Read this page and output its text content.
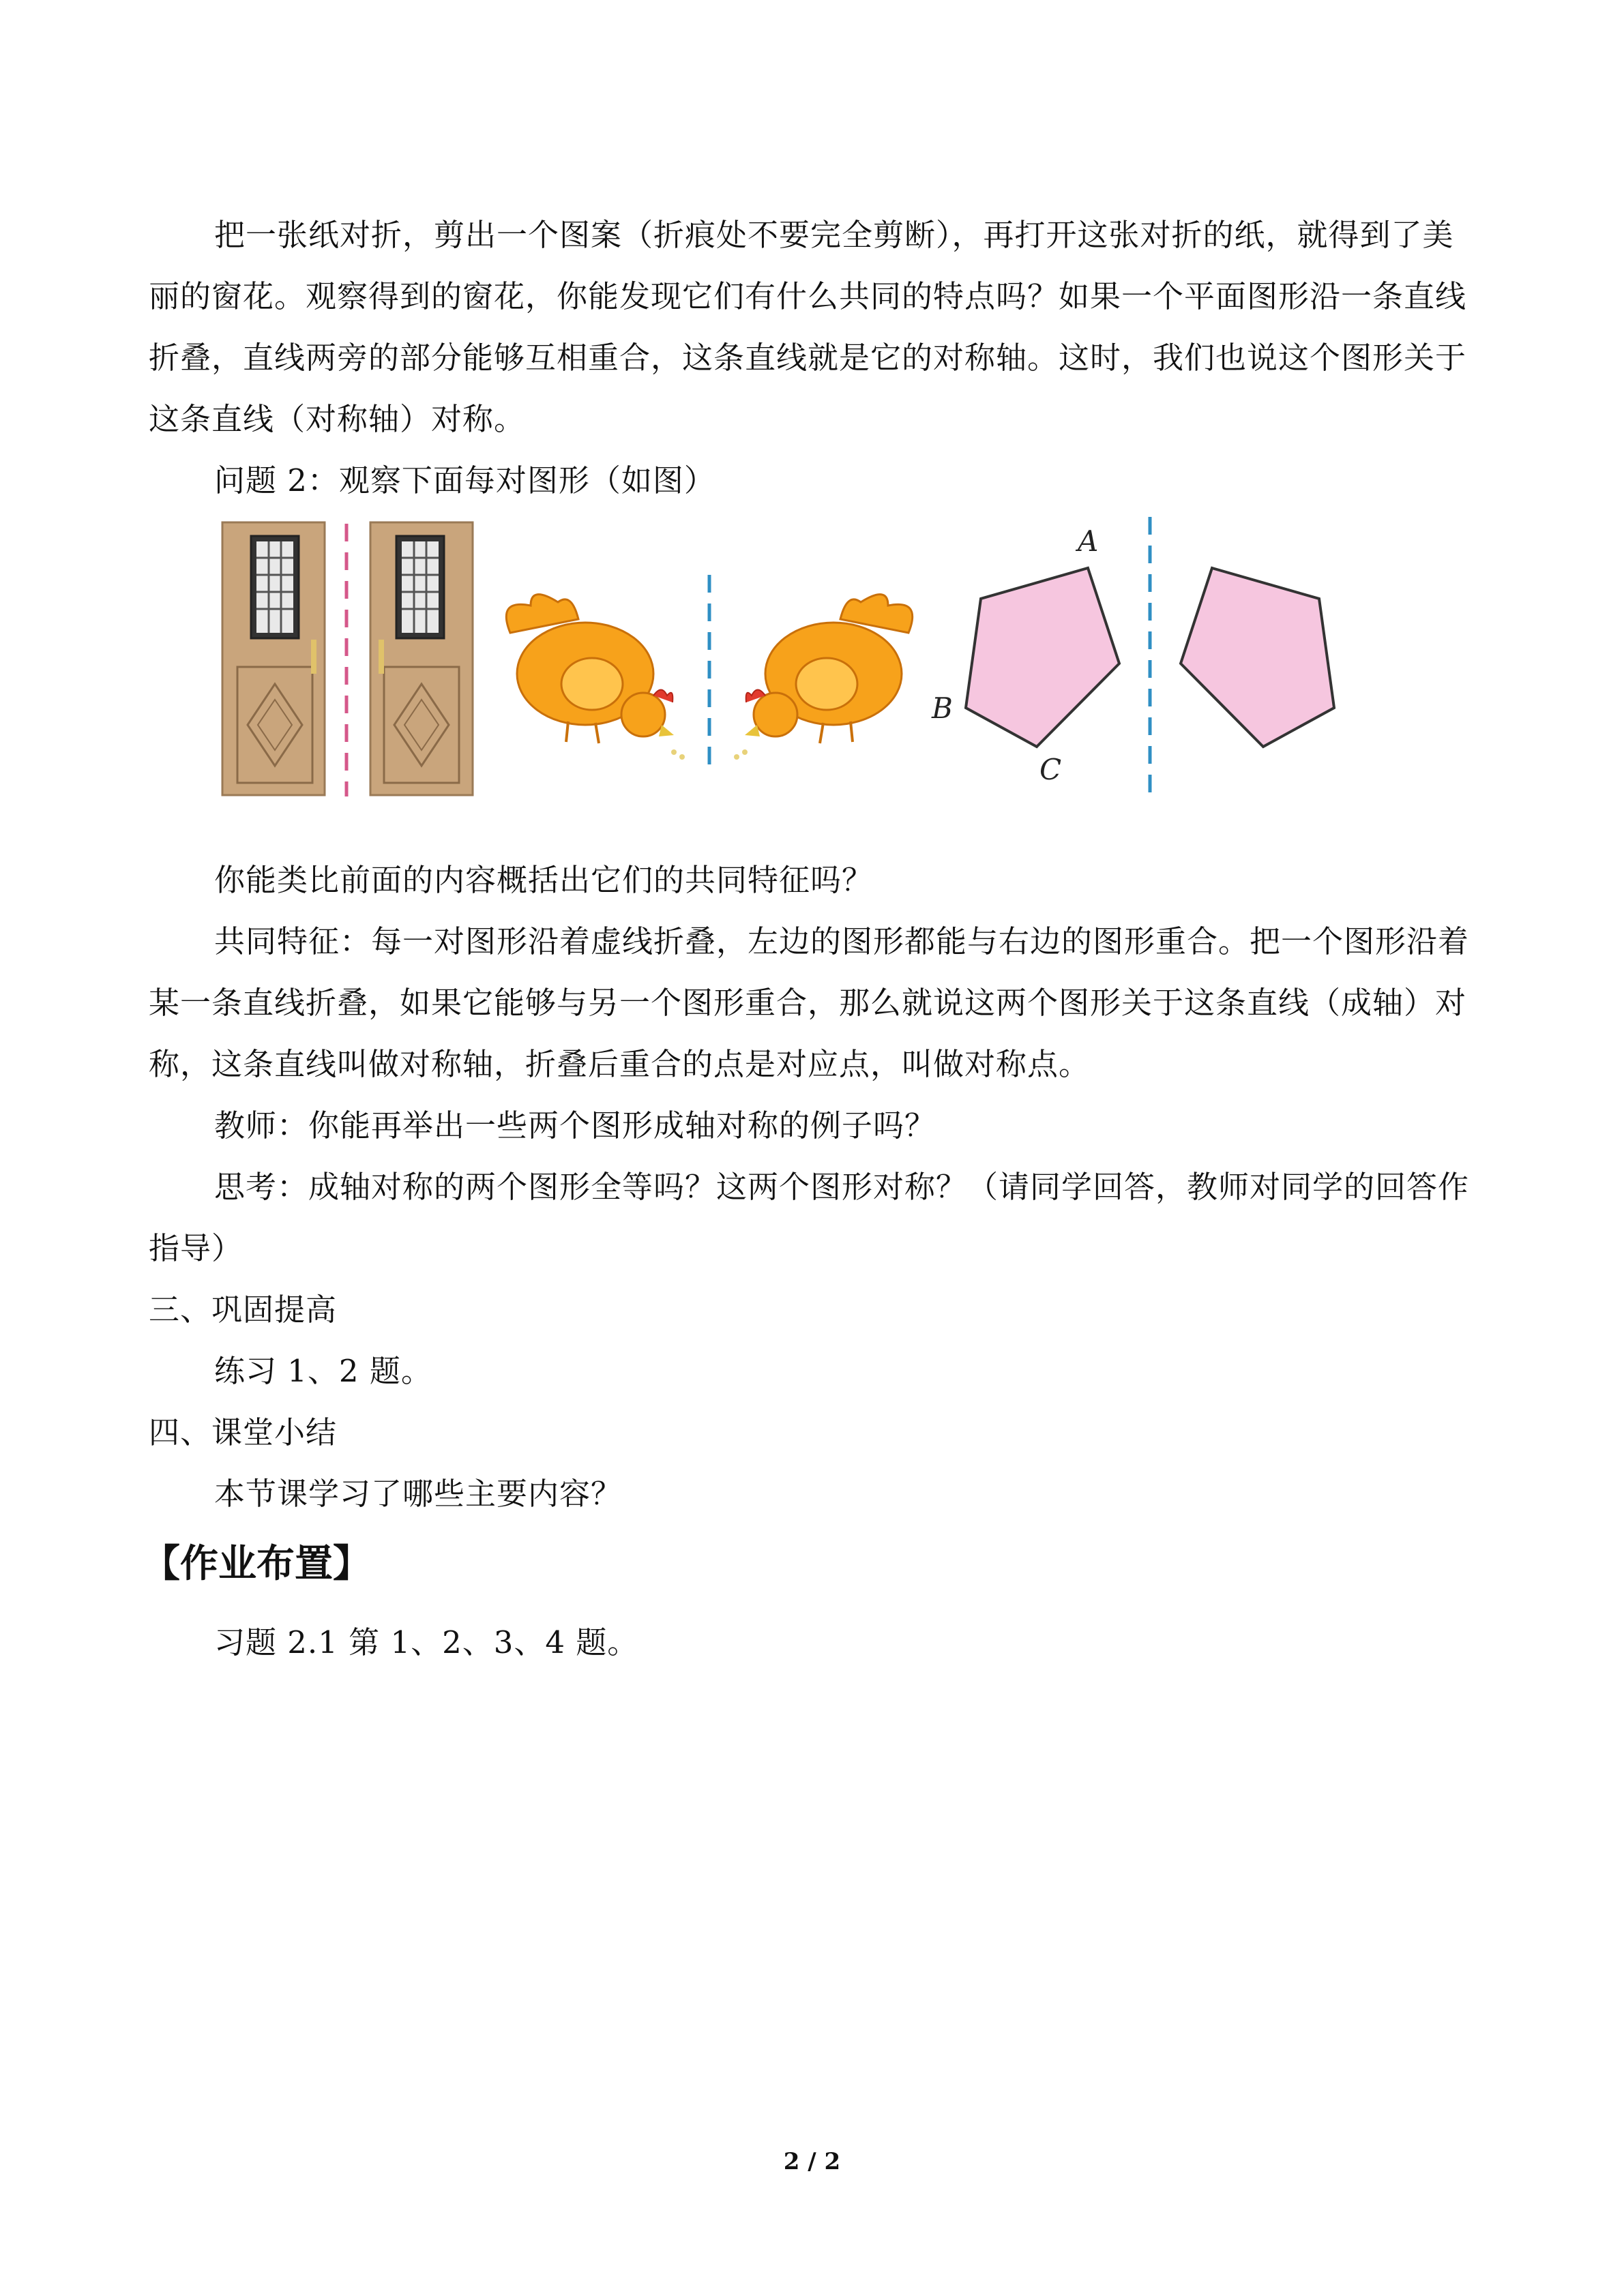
把一张纸对折，剪出一个图案（折痕处不要完全剪断），再打开这张对折的纸，就得到了美丽的窗花。观察得到的窗花，你能发现它们有什么共同的特点吗？如果一个平面图形沿一条直线折叠，直线两旁的部分能够互相重合，这条直线就是它的对称轴。这时，我们也说这个图形关于这条直线（对称轴）对称。

问题 2：观察下面每对图形（如图）

A
B
C

你能类比前面的内容概括出它们的共同特征吗？

共同特征：每一对图形沿着虚线折叠，左边的图形都能与右边的图形重合。把一个图形沿着某一条直线折叠，如果它能够与另一个图形重合，那么就说这两个图形关于这条直线（成轴）对称，这条直线叫做对称轴，折叠后重合的点是对应点，叫做对称点。

教师：你能再举出一些两个图形成轴对称的例子吗？

思考：成轴对称的两个图形全等吗？这两个图形对称？（请同学回答，教师对同学的回答作指导）

三、巩固提高

练习 1、2 题。

四、课堂小结

本节课学习了哪些主要内容？

【作业布置】

习题 2.1 第 1、2、3、4 题。

2 / 2
